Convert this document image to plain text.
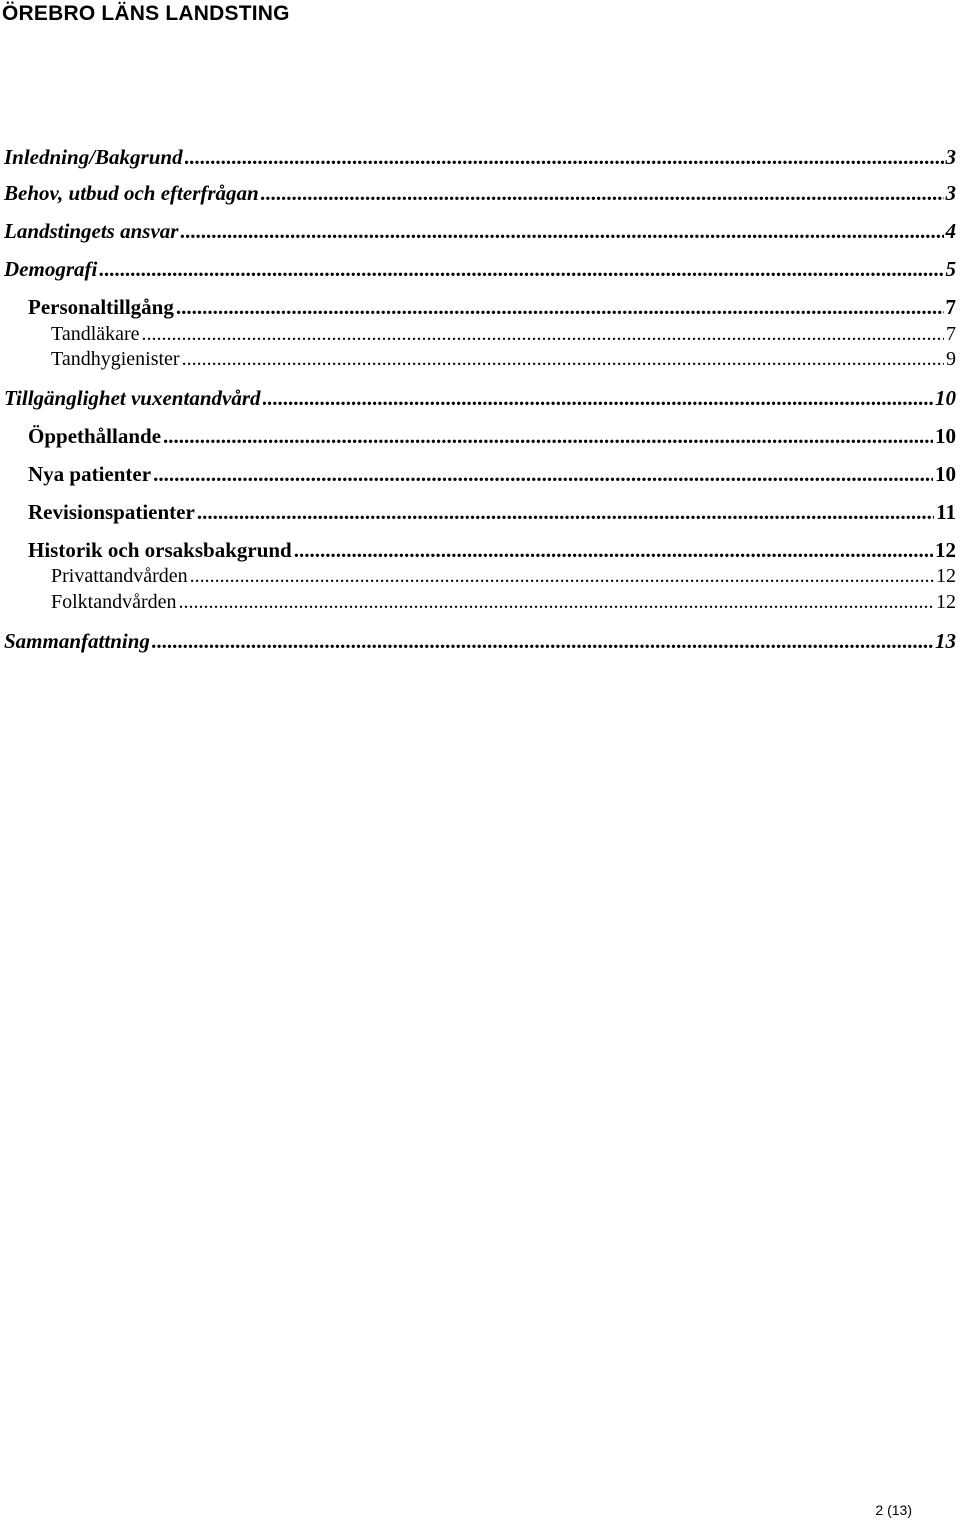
ÖREBRO LÄNS LANDSTING
Inledning/Bakgrund .....	3
Behov, utbud och efterfrågan .....	3
Landstingets ansvar .....	4
Demografi .....	5
Personaltillgång .....	7
Tandläkare .....	7
Tandhygienister .....	9
Tillgänglighet vuxentandvård .....	10
Öppethållande .....	10
Nya patienter .....	10
Revisionspatienter .....	11
Historik och orsaksbakgrund .....	12
Privattandvården .....	12
Folktandvården .....	12
Sammanfattning .....	13
2 (13)
